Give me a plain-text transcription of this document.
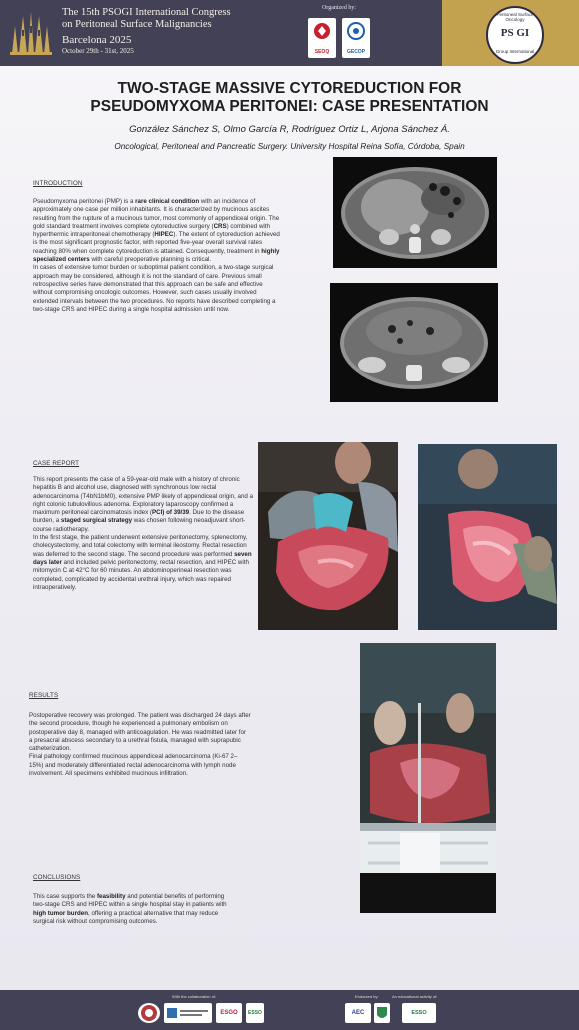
The 15th PSOGI International Congress
on Peritoneal Surface Malignancies
Barcelona 2025
October 29th - 31st, 2025
Organized by:
SEOQ	GECOP
Peritoneal Surface Oncology
PS GI
Group International
TWO-STAGE MASSIVE CYTOREDUCTION FOR
PSEUDOMYXOMA PERITONEI: CASE PRESENTATION
González Sánchez S, Olmo García R, Rodríguez Ortiz L, Arjona Sánchez Á.
Oncological, Peritoneal and Pancreatic Surgery. University Hospital Reina Sofía, Córdoba, Spain
INTRODUCTION
Pseudomyxoma peritonei (PMP) is a rare clinical condition with an incidence of approximately one case per million inhabitants. It is characterized by mucinous ascites resulting from the rupture of a mucinous tumor, most commonly of appendiceal origin. The gold standard treatment involves complete cytoreductive surgery (CRS) combined with hyperthermic intraperitoneal chemotherapy (HIPEC). The extent of cytoreduction achieved is the most significant prognostic factor, with reported five-year overall survival rates reaching 80% when complete cytoreduction is attained. Consequently, treatment in highly specialized centers with careful preoperative planning is critical.
In cases of extensive tumor burden or suboptimal patient condition, a two-stage surgical approach may be considered, although it is not the standard of care. Previous small retrospective series have demonstrated that this approach can be safe and effective without compromising oncologic outcomes. However, such cases usually involved extended intervals between the two procedures. No reports have described completing a two-stage CRS and HIPEC during a single hospital admission until now.
CASE REPORT
This report presents the case of a 59-year-old male with a history of chronic hepatitis B and alcohol use, diagnosed with synchronous low rectal adenocarcinoma (T4bN1bM0), extensive PMP likely of appendiceal origin, and a right colonic tubulovillous adenoma. Exploratory laparoscopy confirmed a maximum peritoneal carcinomatosis index (PCI) of 39/39. Due to the disease burden, a staged surgical strategy was chosen following neoadjuvant short-course radiotherapy.
In the first stage, the patient underwent extensive peritonectomy, splenectomy, cholecystectomy, and total colectomy with terminal ileostomy. Rectal resection was deferred to the second stage. The second procedure was performed seven days later and included pelvic peritonectomy, rectal resection, and HIPEC with mitomycin C at 42°C for 60 minutes. An abdominoperineal resection was completed, complicated by accidental urethral injury, which was repaired intraoperatively.
RESULTS
Postoperative recovery was prolonged. The patient was discharged 24 days after the second procedure, though he experienced a pulmonary embolism on postoperative day 8, managed with anticoagulation. He was readmitted later for a presacral abscess secondary to a urethral fistula, managed with suprapubic catheterization.
Final pathology confirmed mucinous appendiceal adenocarcinoma (Ki-67 2–15%) and moderately differentiated rectal adenocarcinoma with lymph node involvement. All specimens exhibited mucinous infiltration.
CONCLUSIONS
This case supports the feasibility and potential benefits of performing two-stage CRS and HIPEC within a single hospital stay in patients with high tumor burden, offering a practical alternative that may reduce surgical risk without compromising outcomes.
With the collaboration of:
ESGO	ESSO
Endorsed by:	An educational activity of:
AEC	ESSO
